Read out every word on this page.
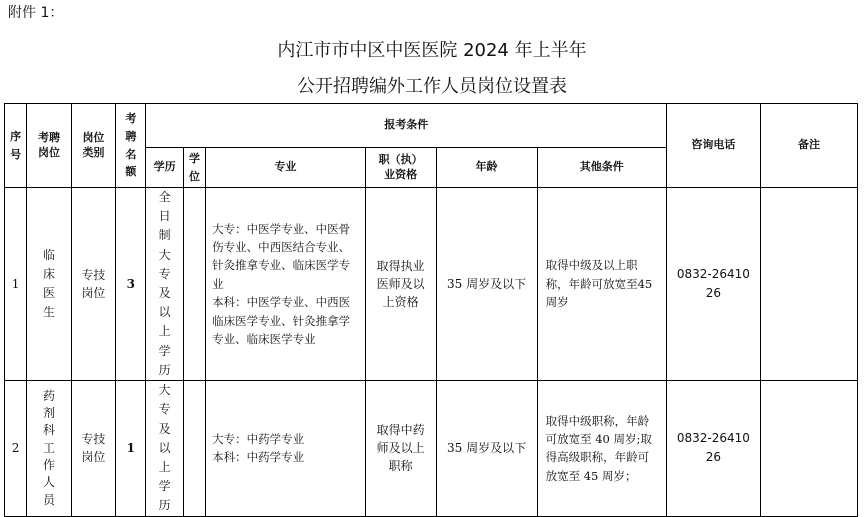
附件 1：
内江市市中区中医医院 2024 年上半年
公开招聘编外工作人员岗位设置表
序号	考聘岗位	岗位类别	考聘名额	报考条件						咨询电话	备注
				学历	学位	专业	职（执）业资格	年龄	其他条件		
1	临床医生	专技岗位	3	全日制大专及以上学历		大专：中医学专业、中医骨伤专业、中西医结合专业、针灸推拿专业、临床医学专业
本科：中医学专业、中西医临床医学专业、针灸推拿学专业、临床医学专业	取得执业医师及以上资格	35 周岁及以下	取得中级及以上职称，年龄可放宽至45周岁	0832-2641026	
2	药剂科工作人员	专技岗位	1	大专及以上学历		大专：中药学专业
本科：中药学专业	取得中药师及以上职称	35 周岁及以下	取得中级职称，年龄可放宽至 40 周岁;取得高级职称，年龄可放宽至 45 周岁；	0832-2641026	
